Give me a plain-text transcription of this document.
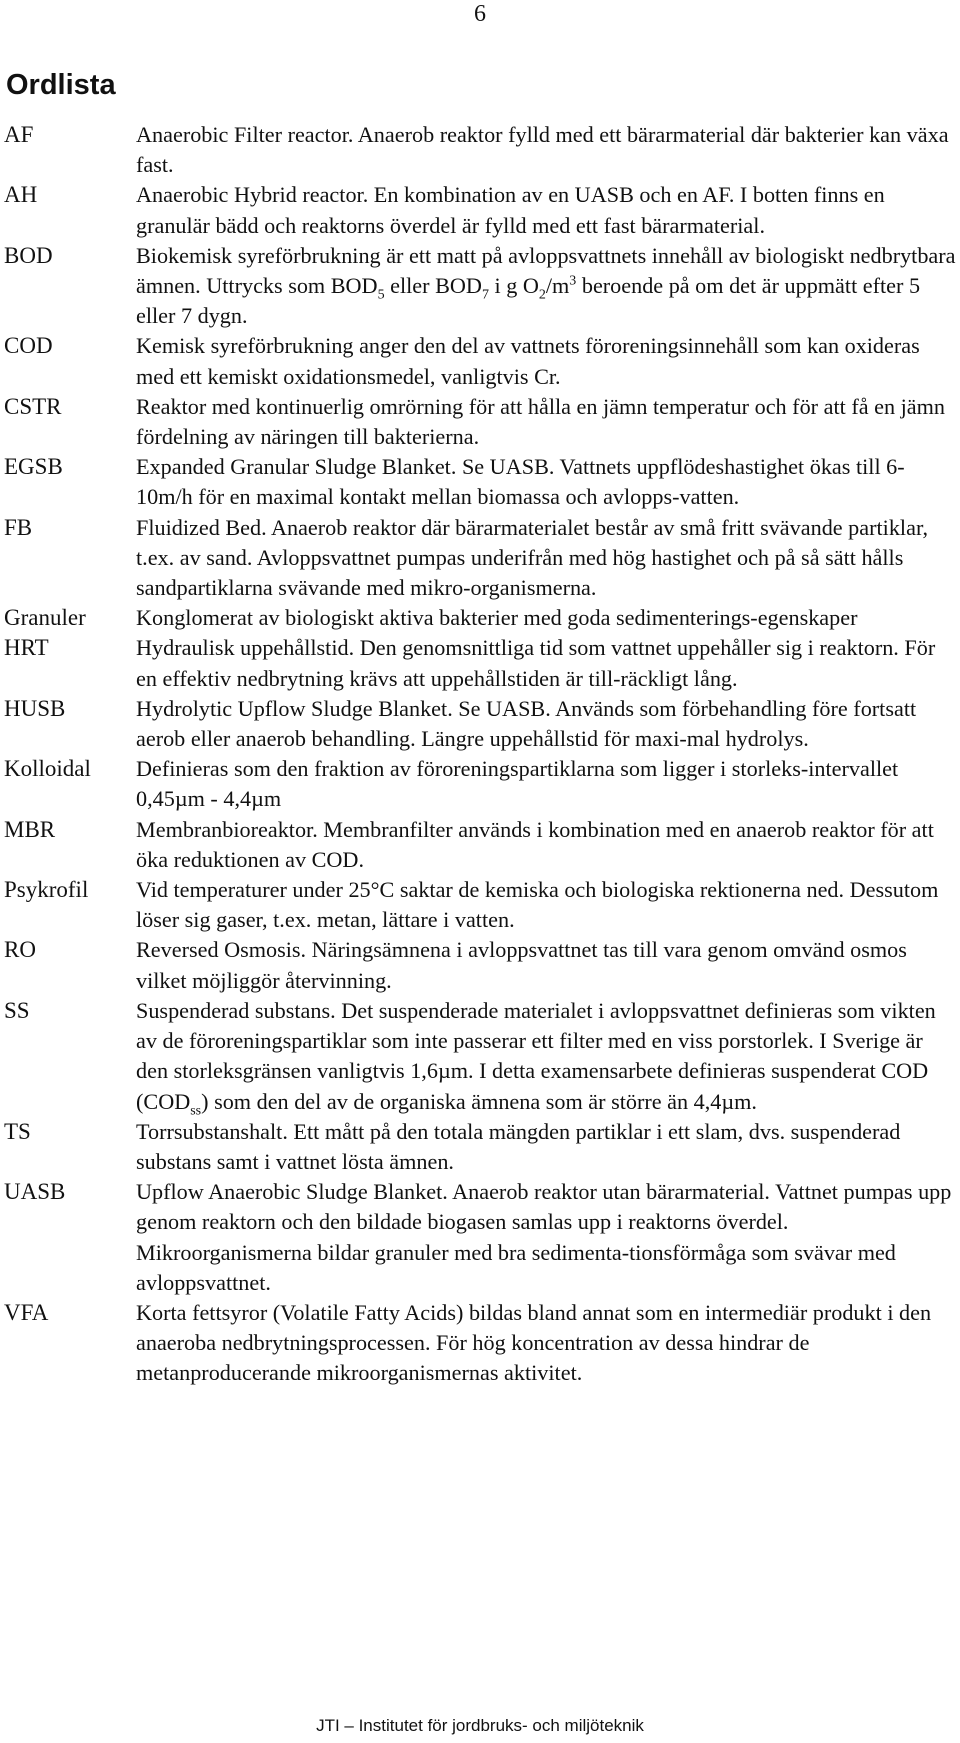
6
Ordlista
AF	Anaerobic Filter reactor. Anaerob reaktor fylld med ett bärarmaterial där bakterier kan växa fast.
AH	Anaerobic Hybrid reactor. En kombination av en UASB och en AF. I botten finns en granulär bädd och reaktorns överdel är fylld med ett fast bärarmaterial.
BOD	Biokemisk syreförbrukning är ett matt på avloppsvattnets innehåll av biologiskt nedbrytbara ämnen. Uttrycks som $BOD_5$ eller $BOD_7$ i g $O_2/m^3$ beroende på om det är uppmätt efter 5 eller 7 dygn.
COD	Kemisk syreförbrukning anger den del av vattnets föroreningsinnehåll som kan oxideras med ett kemiskt oxidationsmedel, vanligtvis Cr.
CSTR	Reaktor med kontinuerlig omrörning för att hålla en jämn temperatur och för att få en jämn fördelning av näringen till bakterierna.
EGSB	Expanded Granular Sludge Blanket. Se UASB. Vattnets uppflödeshastighet ökas till 6-10m/h för en maximal kontakt mellan biomassa och avlopps-vatten.
FB	Fluidized Bed. Anaerob reaktor där bärarmaterialet består av små fritt svävande partiklar, t.ex. av sand. Avloppsvattnet pumpas underifrån med hög hastighet och på så sätt hålls sandpartiklarna svävande med mikro-organismerna.
Granuler	Konglomerat av biologiskt aktiva bakterier med goda sedimenterings-egenskaper
HRT	Hydraulisk uppehållstid. Den genomsnittliga tid som vattnet uppehåller sig i reaktorn. För en effektiv nedbrytning krävs att uppehållstiden är till-räckligt lång.
HUSB	Hydrolytic Upflow Sludge Blanket. Se UASB. Används som förbehandling före fortsatt aerob eller anaerob behandling. Längre uppehållstid för maxi-mal hydrolys.
Kolloidal	Definieras som den fraktion av föroreningspartiklarna som ligger i storleks-intervallet 0,45µm - 4,4µm
MBR	Membranbioreaktor. Membranfilter används i kombination med en anaerob reaktor för att öka reduktionen av COD.
Psykrofil	Vid temperaturer under 25°C saktar de kemiska och biologiska rektionerna ned. Dessutom löser sig gaser, t.ex. metan, lättare i vatten.
RO	Reversed Osmosis. Näringsämnena i avloppsvattnet tas till vara genom omvänd osmos vilket möjliggör återvinning.
SS	Suspenderad substans. Det suspenderade materialet i avloppsvattnet definieras som vikten av de föroreningspartiklar som inte passerar ett filter med en viss porstorlek. I Sverige är den storleksgränsen vanligtvis 1,6µm. I detta examensarbete definieras suspenderat COD $(COD_{ss})$ som den del av de organiska ämnena som är större än 4,4µm.
TS	Torrsubstanshalt. Ett mått på den totala mängden partiklar i ett slam, dvs. suspenderad substans samt i vattnet lösta ämnen.
UASB	Upflow Anaerobic Sludge Blanket. Anaerob reaktor utan bärarmaterial. Vattnet pumpas upp genom reaktorn och den bildade biogasen samlas upp i reaktorns överdel. Mikroorganismerna bildar granuler med bra sedimenta-tionsförmåga som svävar med avloppsvattnet.
VFA	Korta fettsyror (Volatile Fatty Acids) bildas bland annat som en intermediär produkt i den anaeroba nedbrytningsprocessen. För hög koncentration av dessa hindrar de metanproducerande mikroorganismernas aktivitet.
JTI – Institutet för jordbruks- och miljöteknik
